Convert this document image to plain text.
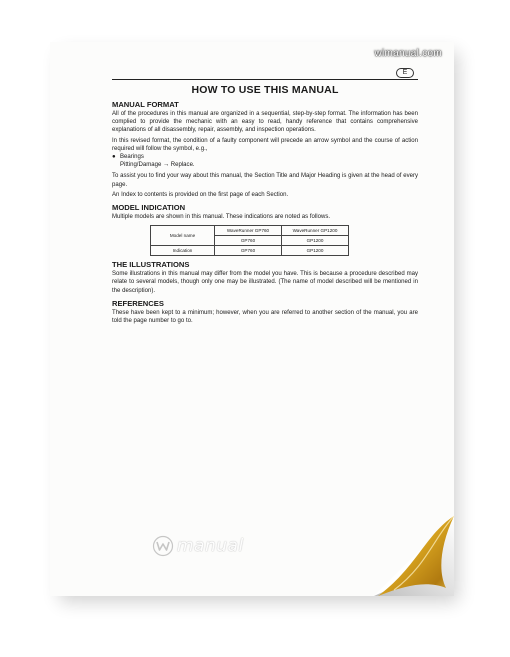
wimanual.com
E
HOW TO USE THIS MANUAL
MANUAL FORMAT

All of the procedures in this manual are organized in a sequential, step-by-step format. The information has been complied to provide the mechanic with an easy to read, handy reference that contains comprehensive explanations of all disassembly, repair, assembly, and inspection operations.

In this revised format, the condition of a faulty component will precede an arrow symbol and the course of action required will follow the symbol, e.g.,

● Bearings
Pitting/Damage → Replace.

To assist you to find your way about this manual, the Section Title and Major Heading is given at the head of every page.

An Index to contents is provided on the first page of each Section.

MODEL INDICATION

Multiple models are shown in this manual. These indications are noted as follows.

Model name	WaveRunner GP760	WaveRunner GP1200
	GP760	GP1200
Indication	GP760	GP1200
THE ILLUSTRATIONS

Some illustrations in this manual may differ from the model you have. This is because a procedure described may relate to several models, though only one may be illustrated. (The name of model described will be mentioned in the description).

REFERENCES

These have been kept to a minimum; however, when you are referred to another section of the manual, you are told the page number to go to.

manual
